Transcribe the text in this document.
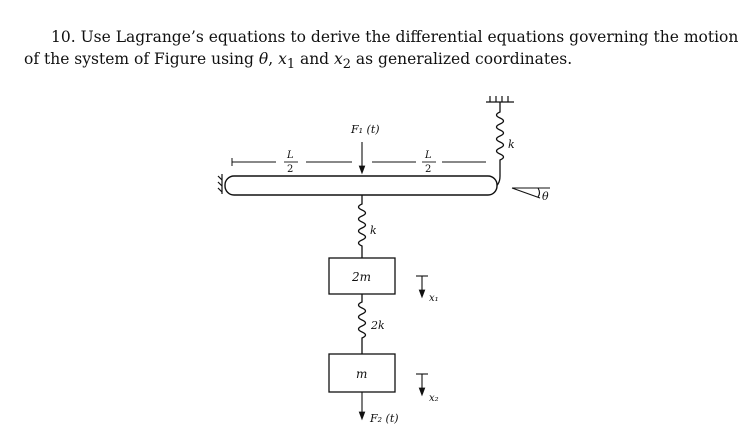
10. Use Lagrange’s equations to derive the differential equations governing the motion
of the system of Figure using θ, $x_1$ and $x_2$ as generalized coordinates.
k
L
2
L
2
F₁ (t)
θ
k
2m
x₁
2k
m
x₂
F₂ (t)
